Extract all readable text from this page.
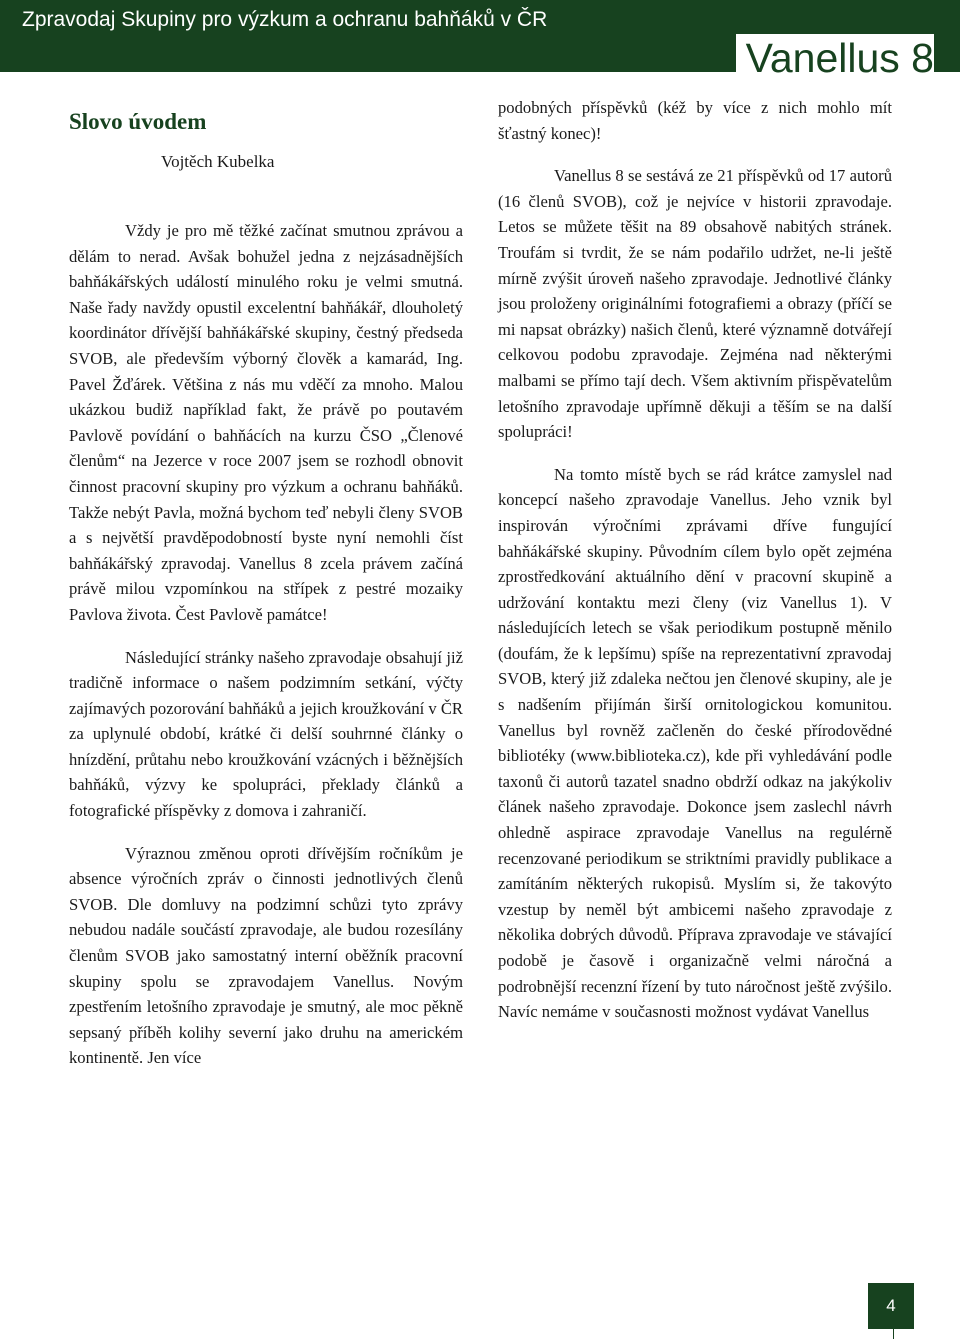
Zpravodaj Skupiny pro výzkum a ochranu bahňáků v ČR
Vanellus 8
Slovo úvodem
Vojtěch Kubelka

Vždy je pro mě těžké začínat smutnou zprávou a dělám to nerad. Avšak bohužel jedna z nejzásadnějších bahňákářských událostí minulého roku je velmi smutná. Naše řady navždy opustil excelentní bahňákář, dlouholetý koordinátor dřívější bahňákářské skupiny, čestný předseda SVOB, ale především výborný člověk a kamarád, Ing. Pavel Žďárek. Většina z nás mu vděčí za mnoho. Malou ukázkou budiž například fakt, že právě po poutavém Pavlově povídání o bahňácích na kurzu ČSO „Členové členům“ na Jezerce v roce 2007 jsem se rozhodl obnovit činnost pracovní skupiny pro výzkum a ochranu bahňáků. Takže nebýt Pavla, možná bychom teď nebyli členy SVOB a s největší pravděpodobností byste nyní nemohli číst bahňákářský zpravodaj. Vanellus 8 zcela právem začíná právě milou vzpomínkou na střípek z pestré mozaiky Pavlova života. Čest Pavlově památce!

Následující stránky našeho zpravodaje obsahují již tradičně informace o našem podzimním setkání, výčty zajímavých pozorování bahňáků a jejich kroužkování v ČR za uplynulé období, krátké či delší souhrnné články o hnízdění, průtahu nebo kroužkování vzácných i běžnějších bahňáků, výzvy ke spolupráci, překlady článků a fotografické příspěvky z domova i zahraničí.

Výraznou změnou oproti dřívějším ročníkům je absence výročních zpráv o činnosti jednotlivých členů SVOB. Dle domluvy na podzimní schůzi tyto zprávy nebudou nadále součástí zpravodaje, ale budou rozesílány členům SVOB jako samostatný interní oběžník pracovní skupiny spolu se zpravodajem Vanellus. Novým zpestřením letošního zpravodaje je smutný, ale moc pěkně sepsaný příběh kolihy severní jako druhu na americkém kontinentě. Jen více

podobných příspěvků (kéž by více z nich mohlo mít šťastný konec)!

Vanellus 8 se sestává ze 21 příspěvků od 17 autorů (16 členů SVOB), což je nejvíce v historii zpravodaje. Letos se můžete těšit na 89 obsahově nabitých stránek. Troufám si tvrdit, že se nám podařilo udržet, ne-li ještě mírně zvýšit úroveň našeho zpravodaje. Jednotlivé články jsou proloženy originálními fotografiemi a obrazy (příčí se mi napsat obrázky) našich členů, které významně dotvářejí celkovou podobu zpravodaje. Zejména nad některými malbami se přímo tají dech. Všem aktivním přispěvatelům letošního zpravodaje upřímně děkuji a těším se na další spolupráci!

Na tomto místě bych se rád krátce zamyslel nad koncepcí našeho zpravodaje Vanellus. Jeho vznik byl inspirován výročními zprávami dříve fungující bahňákářské skupiny. Původním cílem bylo opět zejména zprostředkování aktuálního dění v pracovní skupině a udržování kontaktu mezi členy (viz Vanellus 1). V následujících letech se však periodikum postupně měnilo (doufám, že k lepšímu) spíše na reprezentativní zpravodaj SVOB, který již zdaleka nečtou jen členové skupiny, ale je s nadšením přijímán širší ornitologickou komunitou. Vanellus byl rovněž začleněn do české přírodovědné bibliotéky (www.biblioteka.cz), kde při vyhledávání podle taxonů či autorů tazatel snadno obdrží odkaz na jakýkoliv článek našeho zpravodaje. Dokonce jsem zaslechl návrh ohledně aspirace zpravodaje Vanellus na regulérně recenzované periodikum se striktními pravidly publikace a zamítáním některých rukopisů. Myslím si, že takovýto vzestup by neměl být ambicemi našeho zpravodaje z několika dobrých důvodů. Příprava zpravodaje ve stávající podobě je časově i organizačně velmi náročná a podrobnější recenzní řízení by tuto náročnost ještě zvýšilo. Navíc nemáme v současnosti možnost vydávat Vanellus

4
